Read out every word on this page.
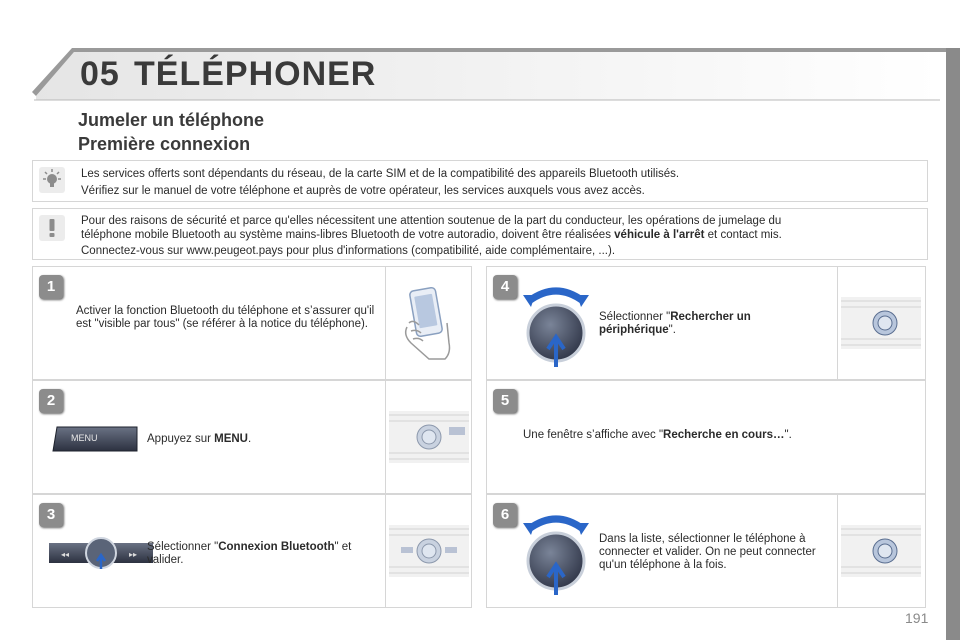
05 TÉLÉPHONER
Jumeler un téléphone
Première connexion

Les services offerts sont dépendants du réseau, de la carte SIM et de la compatibilité des appareils Bluetooth utilisés.

Vérifiez sur le manuel de votre téléphone et auprès de votre opérateur, les services auxquels vous avez accès.

Pour des raisons de sécurité et parce qu'elles nécessitent une attention soutenue de la part du conducteur, les opérations de jumelage du

téléphone mobile Bluetooth au système mains-libres Bluetooth de votre autoradio, doivent être réalisées véhicule à l'arrêt et contact mis.

Connectez-vous sur www.peugeot.pays pour plus d'informations (compatibilité, aide complémentaire, ...).

1
Activer la fonction Bluetooth du téléphone et s’assurer qu'il est "visible par tous" (se référer à la notice du téléphone).
2
MENU	Appuyez sur MENU.
3
◂◂	▸▸
Sélectionner "Connexion Bluetooth" et valider.
4
Sélectionner "Rechercher un périphérique".
5
Une fenêtre s’affiche avec "Recherche en cours…".
6
Dans la liste, sélectionner le téléphone à connecter et valider. On ne peut connecter qu'un téléphone à la fois.
191
